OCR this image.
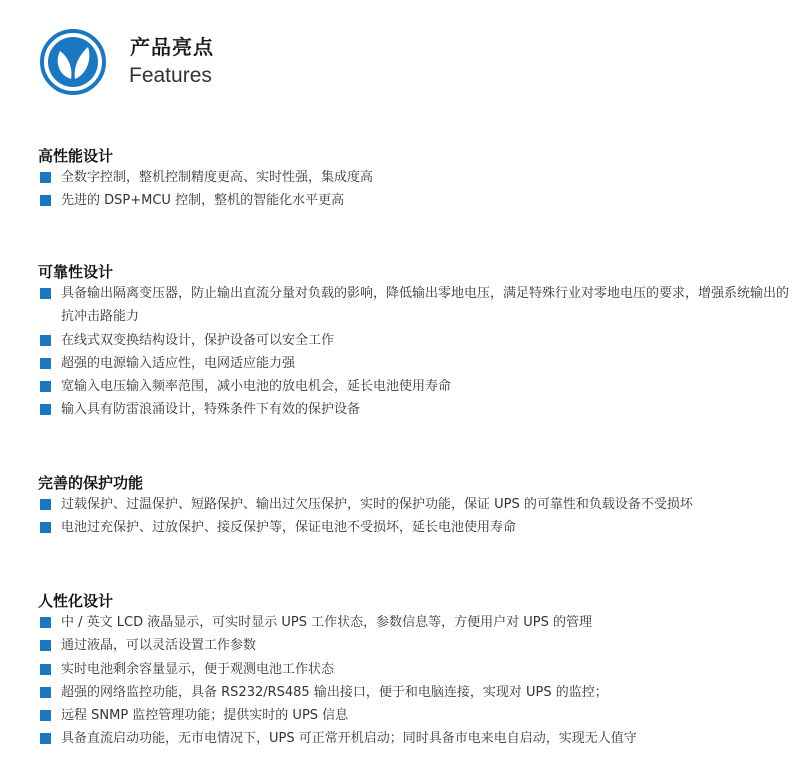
产品亮点
Features
高性能设计
全数字控制，整机控制精度更高、实时性强，集成度高
先进的 DSP+MCU 控制，整机的智能化水平更高
可靠性设计
具备输出隔离变压器，防止输出直流分量对负载的影响，降低输出零地电压，满足特殊行业对零地电压的要求，增强系统输出的抗冲击路能力
在线式双变换结构设计，保护设备可以安全工作
超强的电源输入适应性，电网适应能力强
宽输入电压输入频率范围，减小电池的放电机会，延长电池使用寿命
输入具有防雷浪涌设计，特殊条件下有效的保护设备
完善的保护功能
过载保护、过温保护、短路保护、输出过欠压保护，实时的保护功能，保证 UPS 的可靠性和负载设备不受损坏
电池过充保护、过放保护、接反保护等，保证电池不受损坏，延长电池使用寿命
人性化设计
中 / 英文 LCD 液晶显示，可实时显示 UPS 工作状态，参数信息等，方便用户对 UPS 的管理
通过液晶，可以灵活设置工作参数
实时电池剩余容量显示，便于观测电池工作状态
超强的网络监控功能，具备 RS232/RS485 输出接口，便于和电脑连接，实现对 UPS 的监控；
远程 SNMP 监控管理功能；提供实时的 UPS 信息
具备直流启动功能，无市电情况下，UPS 可正常开机启动；同时具备市电来电自启动，实现无人值守
